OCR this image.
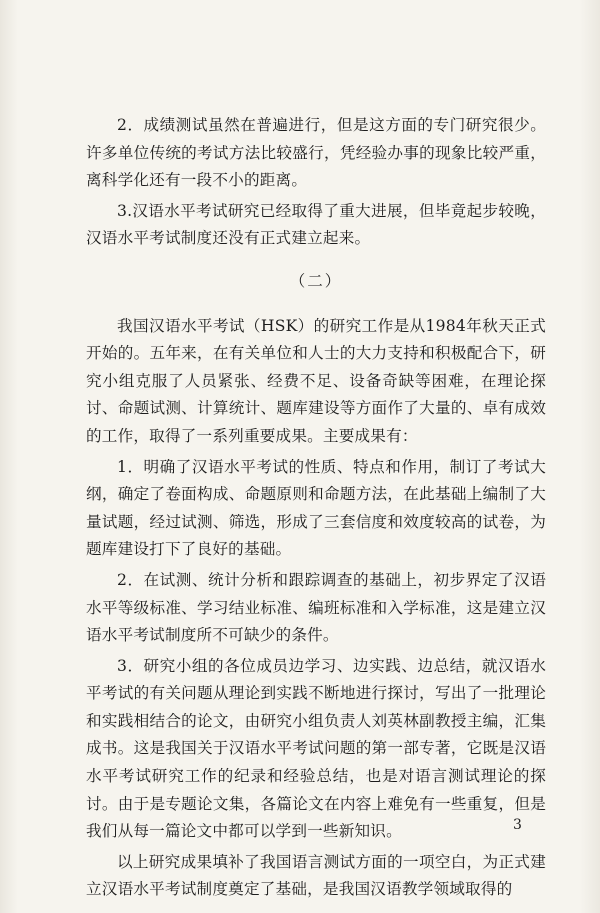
2．成绩测试虽然在普遍进行，但是这方面的专门研究很少。许多单位传统的考试方法比较盛行，凭经验办事的现象比较严重，离科学化还有一段不小的距离。

3.汉语水平考试研究已经取得了重大进展，但毕竟起步较晚，汉语水平考试制度还没有正式建立起来。

（二）

我国汉语水平考试（HSK）的研究工作是从1984年秋天正式开始的。五年来，在有关单位和人士的大力支持和积极配合下，研究小组克服了人员紧张、经费不足、设备奇缺等困难，在理论探讨、命题试测、计算统计、题库建设等方面作了大量的、卓有成效的工作，取得了一系列重要成果。主要成果有：

1．明确了汉语水平考试的性质、特点和作用，制订了考试大纲，确定了卷面构成、命题原则和命题方法，在此基础上编制了大量试题，经过试测、筛选，形成了三套信度和效度较高的试卷，为题库建设打下了良好的基础。

2．在试测、统计分析和跟踪调查的基础上，初步界定了汉语水平等级标准、学习结业标准、编班标准和入学标准，这是建立汉语水平考试制度所不可缺少的条件。

3．研究小组的各位成员边学习、边实践、边总结，就汉语水平考试的有关问题从理论到实践不断地进行探讨，写出了一批理论和实践相结合的论文，由研究小组负责人刘英林副教授主编，汇集成书。这是我国关于汉语水平考试问题的第一部专著，它既是汉语水平考试研究工作的纪录和经验总结，也是对语言测试理论的探讨。由于是专题论文集，各篇论文在内容上难免有一些重复，但是我们从每一篇论文中都可以学到一些新知识。

以上研究成果填补了我国语言测试方面的一项空白，为正式建立汉语水平考试制度奠定了基础，是我国汉语教学领域取得的

3
